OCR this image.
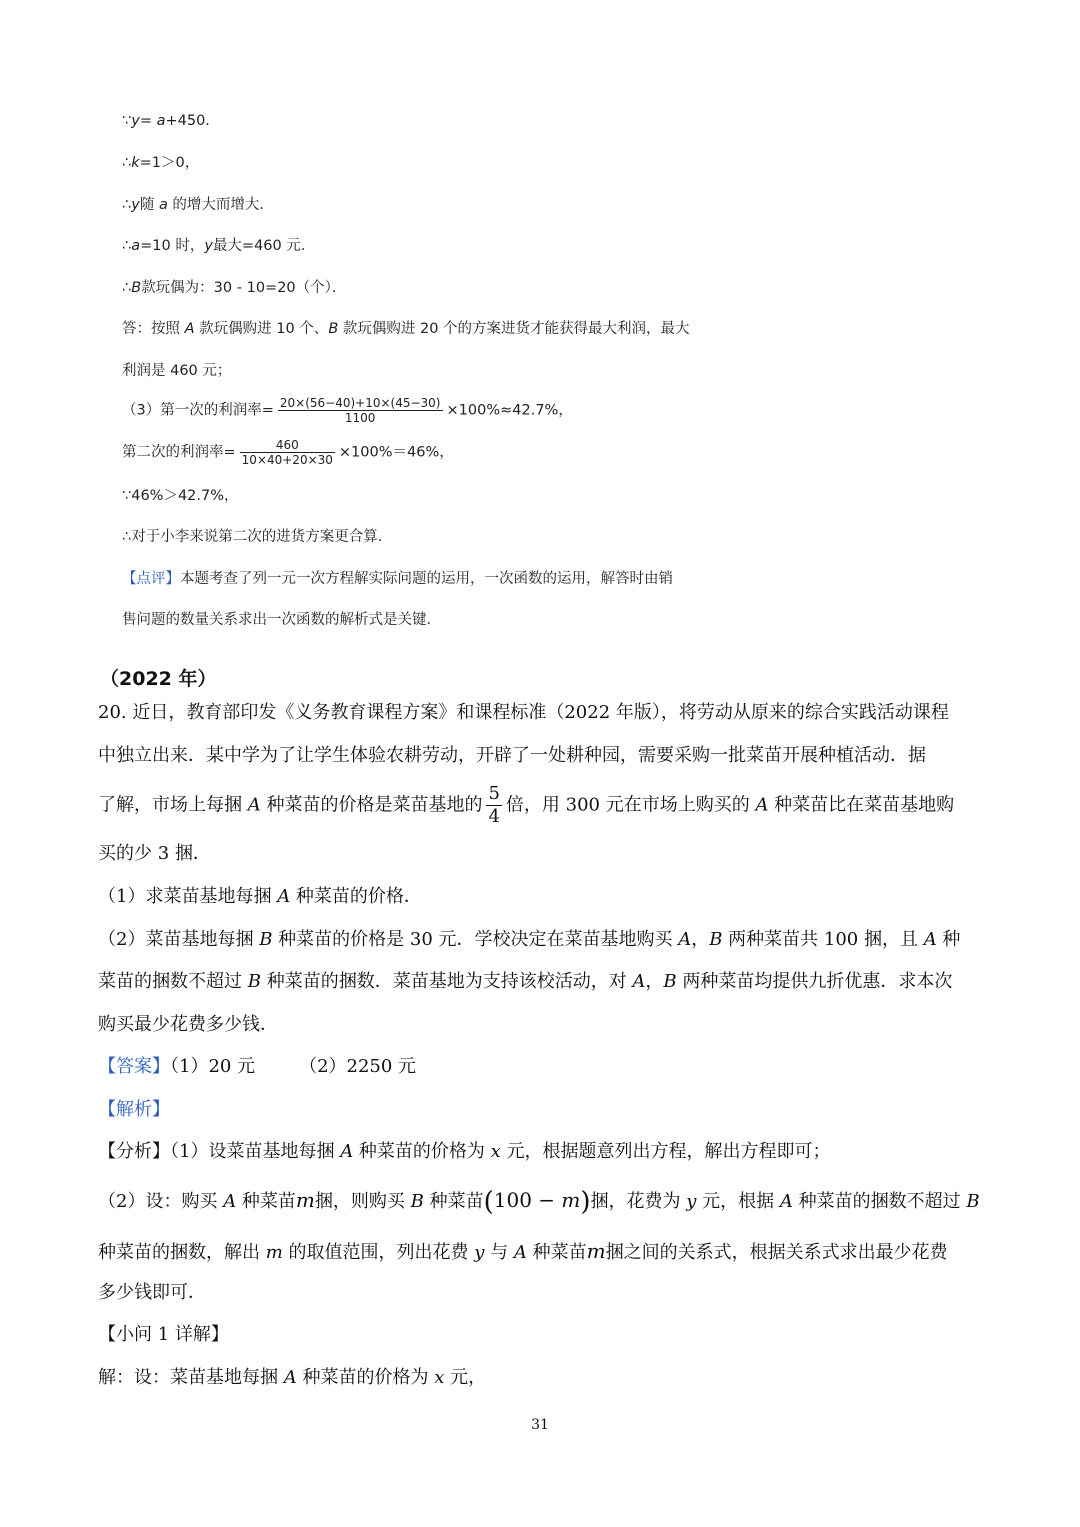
∵y= a+450．
∴k=1＞0，
∴y随 a 的增大而增大．
∴a=10 时，y最大=460 元．
∴B款玩偶为：30 - 10=20（个）．
答：按照 A 款玩偶购进 10 个、B 款玩偶购进 20 个的方案进货才能获得最大利润，最大
利润是 460 元；
（3）第一次的利润率= $\frac{20\times(56-40)+10\times(45-30)}{1100} \times 100\%\approx 42.7\%$，
第二次的利润率= $\frac{460}{10\times 40+20\times 30} \times 100\%=46\%$，
∵46%＞42.7%，
∴对于小李来说第二次的进货方案更合算．
【点评】本题考查了列一元一次方程解实际问题的运用，一次函数的运用，解答时由销
售问题的数量关系求出一次函数的解析式是关键．
（2022 年）
20. 近日，教育部印发《义务教育课程方案》和课程标准（2022 年版），将劳动从原来的综合实践活动课程
中独立出来．某中学为了让学生体验农耕劳动，开辟了一处耕种园，需要采购一批菜苗开展种植活动．据
了解，市场上每捆 A 种菜苗的价格是菜苗基地的 $\frac{5}{4}$ 倍，用 300 元在市场上购买的 A 种菜苗比在菜苗基地购
买的少 3 捆．
（1）求菜苗基地每捆 A 种菜苗的价格．
（2）菜苗基地每捆 B 种菜苗的价格是 30 元．学校决定在菜苗基地购买 A，B 两种菜苗共 100 捆，且 A 种
菜苗的捆数不超过 B 种菜苗的捆数．菜苗基地为支持该校活动，对 A，B 两种菜苗均提供九折优惠．求本次
购买最少花费多少钱．
【答案】（1）20 元 （2）2250 元
【解析】
【分析】（1）设菜苗基地每捆 A 种菜苗的价格为 x 元，根据题意列出方程，解出方程即可；
（2）设：购买 A 种菜苗m捆，则购买 B 种菜苗(100 − m)捆，花费为 y 元，根据 A 种菜苗的捆数不超过 B
种菜苗的捆数，解出 m 的取值范围，列出花费 y 与 A 种菜苗m捆之间的关系式，根据关系式求出最少花费
多少钱即可．
【小问 1 详解】
解：设：菜苗基地每捆 A 种菜苗的价格为 x 元，
31
